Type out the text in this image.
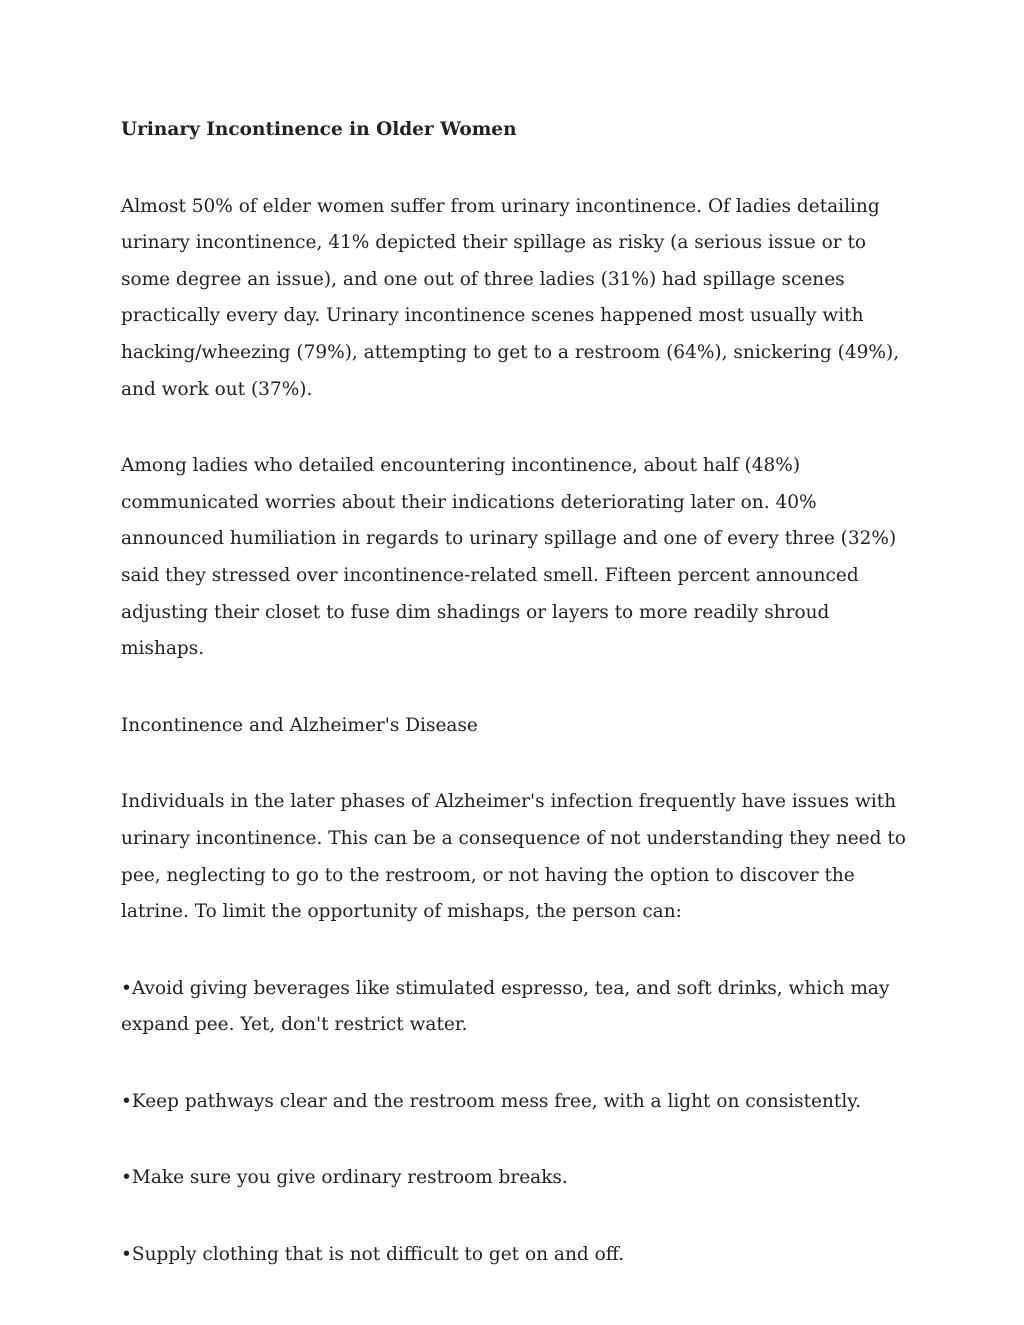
Urinary Incontinence in Older Women

Almost 50% of elder women suffer from urinary incontinence. Of ladies detailing urinary incontinence, 41% depicted their spillage as risky (a serious issue or to some degree an issue), and one out of three ladies (31%) had spillage scenes practically every day. Urinary incontinence scenes happened most usually with hacking/wheezing (79%), attempting to get to a restroom (64%), snickering (49%), and work out (37%).

Among ladies who detailed encountering incontinence, about half (48%) communicated worries about their indications deteriorating later on. 40% announced humiliation in regards to urinary spillage and one of every three (32%) said they stressed over incontinence-related smell. Fifteen percent announced adjusting their closet to fuse dim shadings or layers to more readily shroud mishaps.

Incontinence and Alzheimer's Disease

Individuals in the later phases of Alzheimer's infection frequently have issues with urinary incontinence. This can be a consequence of not understanding they need to pee, neglecting to go to the restroom, or not having the option to discover the latrine. To limit the opportunity of mishaps, the person can:

•Avoid giving beverages like stimulated espresso, tea, and soft drinks, which may expand pee. Yet, don't restrict water.

•Keep pathways clear and the restroom mess free, with a light on consistently.

•Make sure you give ordinary restroom breaks.

•Supply clothing that is not difficult to get on and off.
